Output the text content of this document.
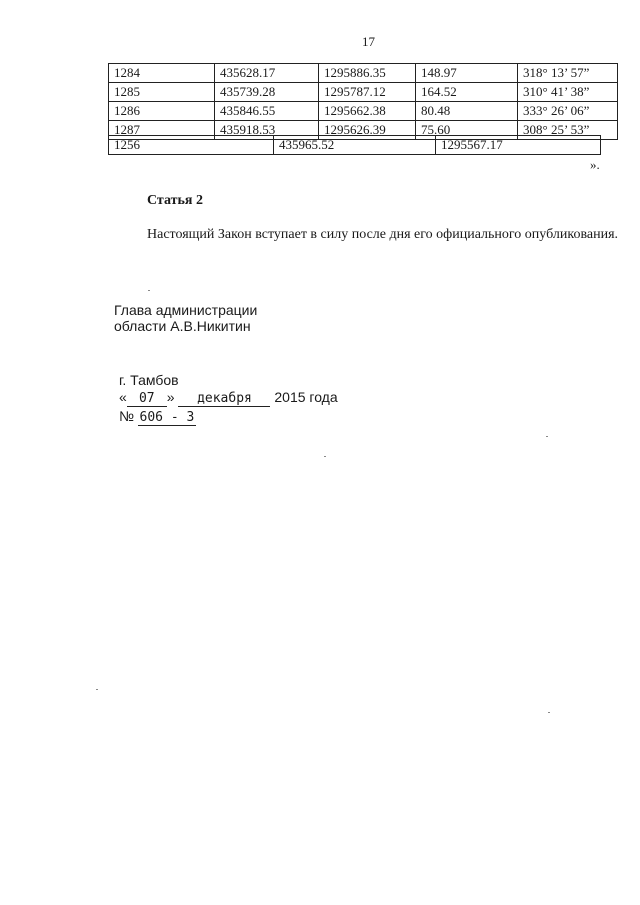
17
1284	435628.17	1295886.35	148.97	318° 13’ 57”
1285	435739.28	1295787.12	164.52	310° 41’ 38”
1286	435846.55	1295662.38	80.48	333° 26’ 06”
1287	435918.53	1295626.39	75.60	308° 25’ 53”
1256	435965.52	1295567.17
».
Статья 2
Настоящий Закон вступает в силу после дня его официального опубликования.
Глава администрации
области А.В.Никитин
г. Тамбов
« 07 » декабря 2015 года
№ 606 - З
